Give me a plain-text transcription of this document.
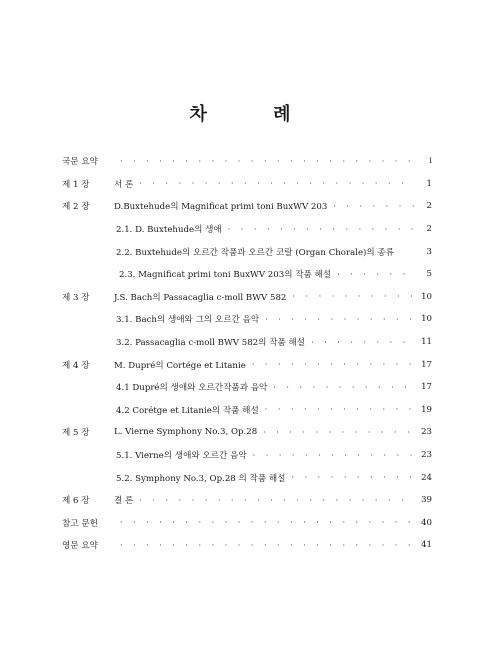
차 례
국문 요약 · · ·	i
제 1 장	서 론 · · ·	1
제 2 장	D.Buxtehude의 Magnificat primi toni BuxWV 203 · · ·	2
2.1. D. Buxtehude의 생애 · · ·	2
2.2. Buxtehude의 오르간 작품과 오르간 코랄 (Organ Chorale)의 종류	3
2.3. Magnificat primi toni BuxWV 203의 작품 해설 · · ·	5
제 3 장	J.S. Bach의 Passacaglia c-moll BWV 582 · · ·	10
3.1. Bach의 생애와 그의 오르간 음악 · · ·	10
3.2. Passacaglia c-moll BWV 582의 작품 해설 · · ·	11
제 4 장	M. Dupré의 Cortége et Litanie · · ·	17
4.1 Dupré의 생애와 오르간작품과 음악 · · ·	17
4.2 Corétge et Litanie의 작품 해설 · · ·	19
제 5 장	L. Vierne Symphony No.3, Op.28 · · ·	23
5.1. Vierne의 생애와 오르간 음악 · · ·	23
5.2. Symphony No.3, Op.28 의 작품 해설 · · ·	24
제 6 장	결 론 · · ·	39
참고 문헌 · · ·	40
영문 요약 · · ·	41
